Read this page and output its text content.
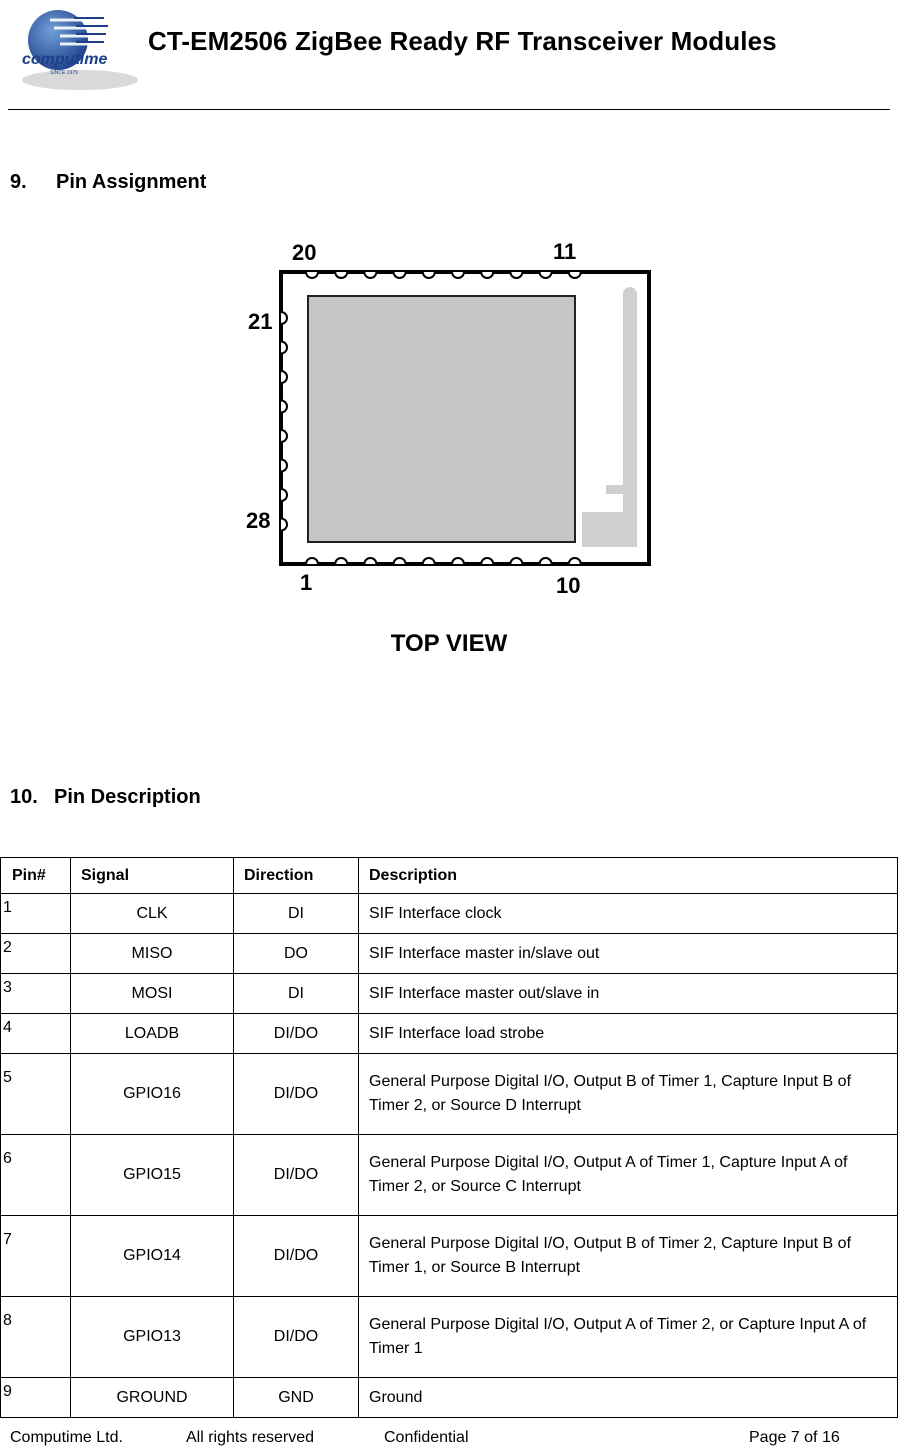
computime
SINCE 1979
CT-EM2506 ZigBee Ready RF Transceiver Modules
9. Pin Assignment
20	11
21
28
1	10
TOP VIEW
10. Pin Description
Pin#	Signal	Direction	Description
1	CLK	DI	SIF Interface clock
2	MISO	DO	SIF Interface master in/slave out
3	MOSI	DI	SIF Interface master out/slave in
4	LOADB	DI/DO	SIF Interface load strobe
5	GPIO16	DI/DO	General Purpose Digital I/O, Output B of Timer 1, Capture Input B of Timer 2, or Source D Interrupt
6	GPIO15	DI/DO	General Purpose Digital I/O, Output A of Timer 1, Capture Input A of Timer 2, or Source C Interrupt
7	GPIO14	DI/DO	General Purpose Digital I/O, Output B of Timer 2, Capture Input B of Timer 1, or Source B Interrupt
8	GPIO13	DI/DO	General Purpose Digital I/O, Output A of Timer 2, or Capture Input A of Timer 1
9	GROUND	GND	Ground
Computime Ltd.	All rights reserved	Confidential	Page 7 of 16
